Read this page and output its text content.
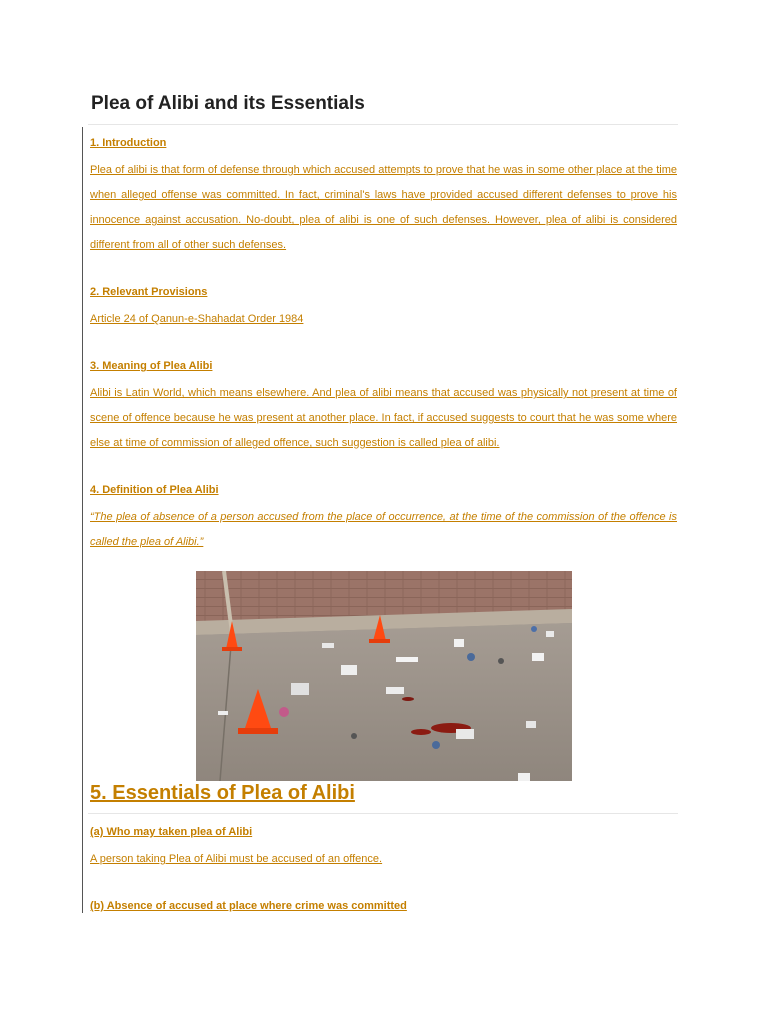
Plea of Alibi and its Essentials

1. Introduction

Plea of alibi is that form of defense through which accused attempts to prove that he was in some other place at the time when alleged offense was committed. In fact, criminal's laws have provided accused different defenses to prove his innocence against accusation. No-doubt, plea of alibi is one of such defenses. However, plea of alibi is considered different from all of other such defenses.

2. Relevant Provisions

Article 24 of Qanun-e-Shahadat Order 1984

3. Meaning of Plea Alibi

Alibi is Latin World, which means elsewhere. And plea of alibi means that accused was physically not present at time of scene of offence because he was present at another place. In fact, if accused suggests to court that he was some where else at time of commission of alleged offence, such suggestion is called plea of alibi.

4. Definition of Plea Alibi

“The plea of absence of a person accused from the place of occurrence, at the time of the commission of the offence is called the plea of Alibi.”

5. Essentials of Plea of Alibi

(a) Who may taken plea of Alibi

A person taking Plea of Alibi must be accused of an offence.

(b) Absence of accused at place where crime was committed
